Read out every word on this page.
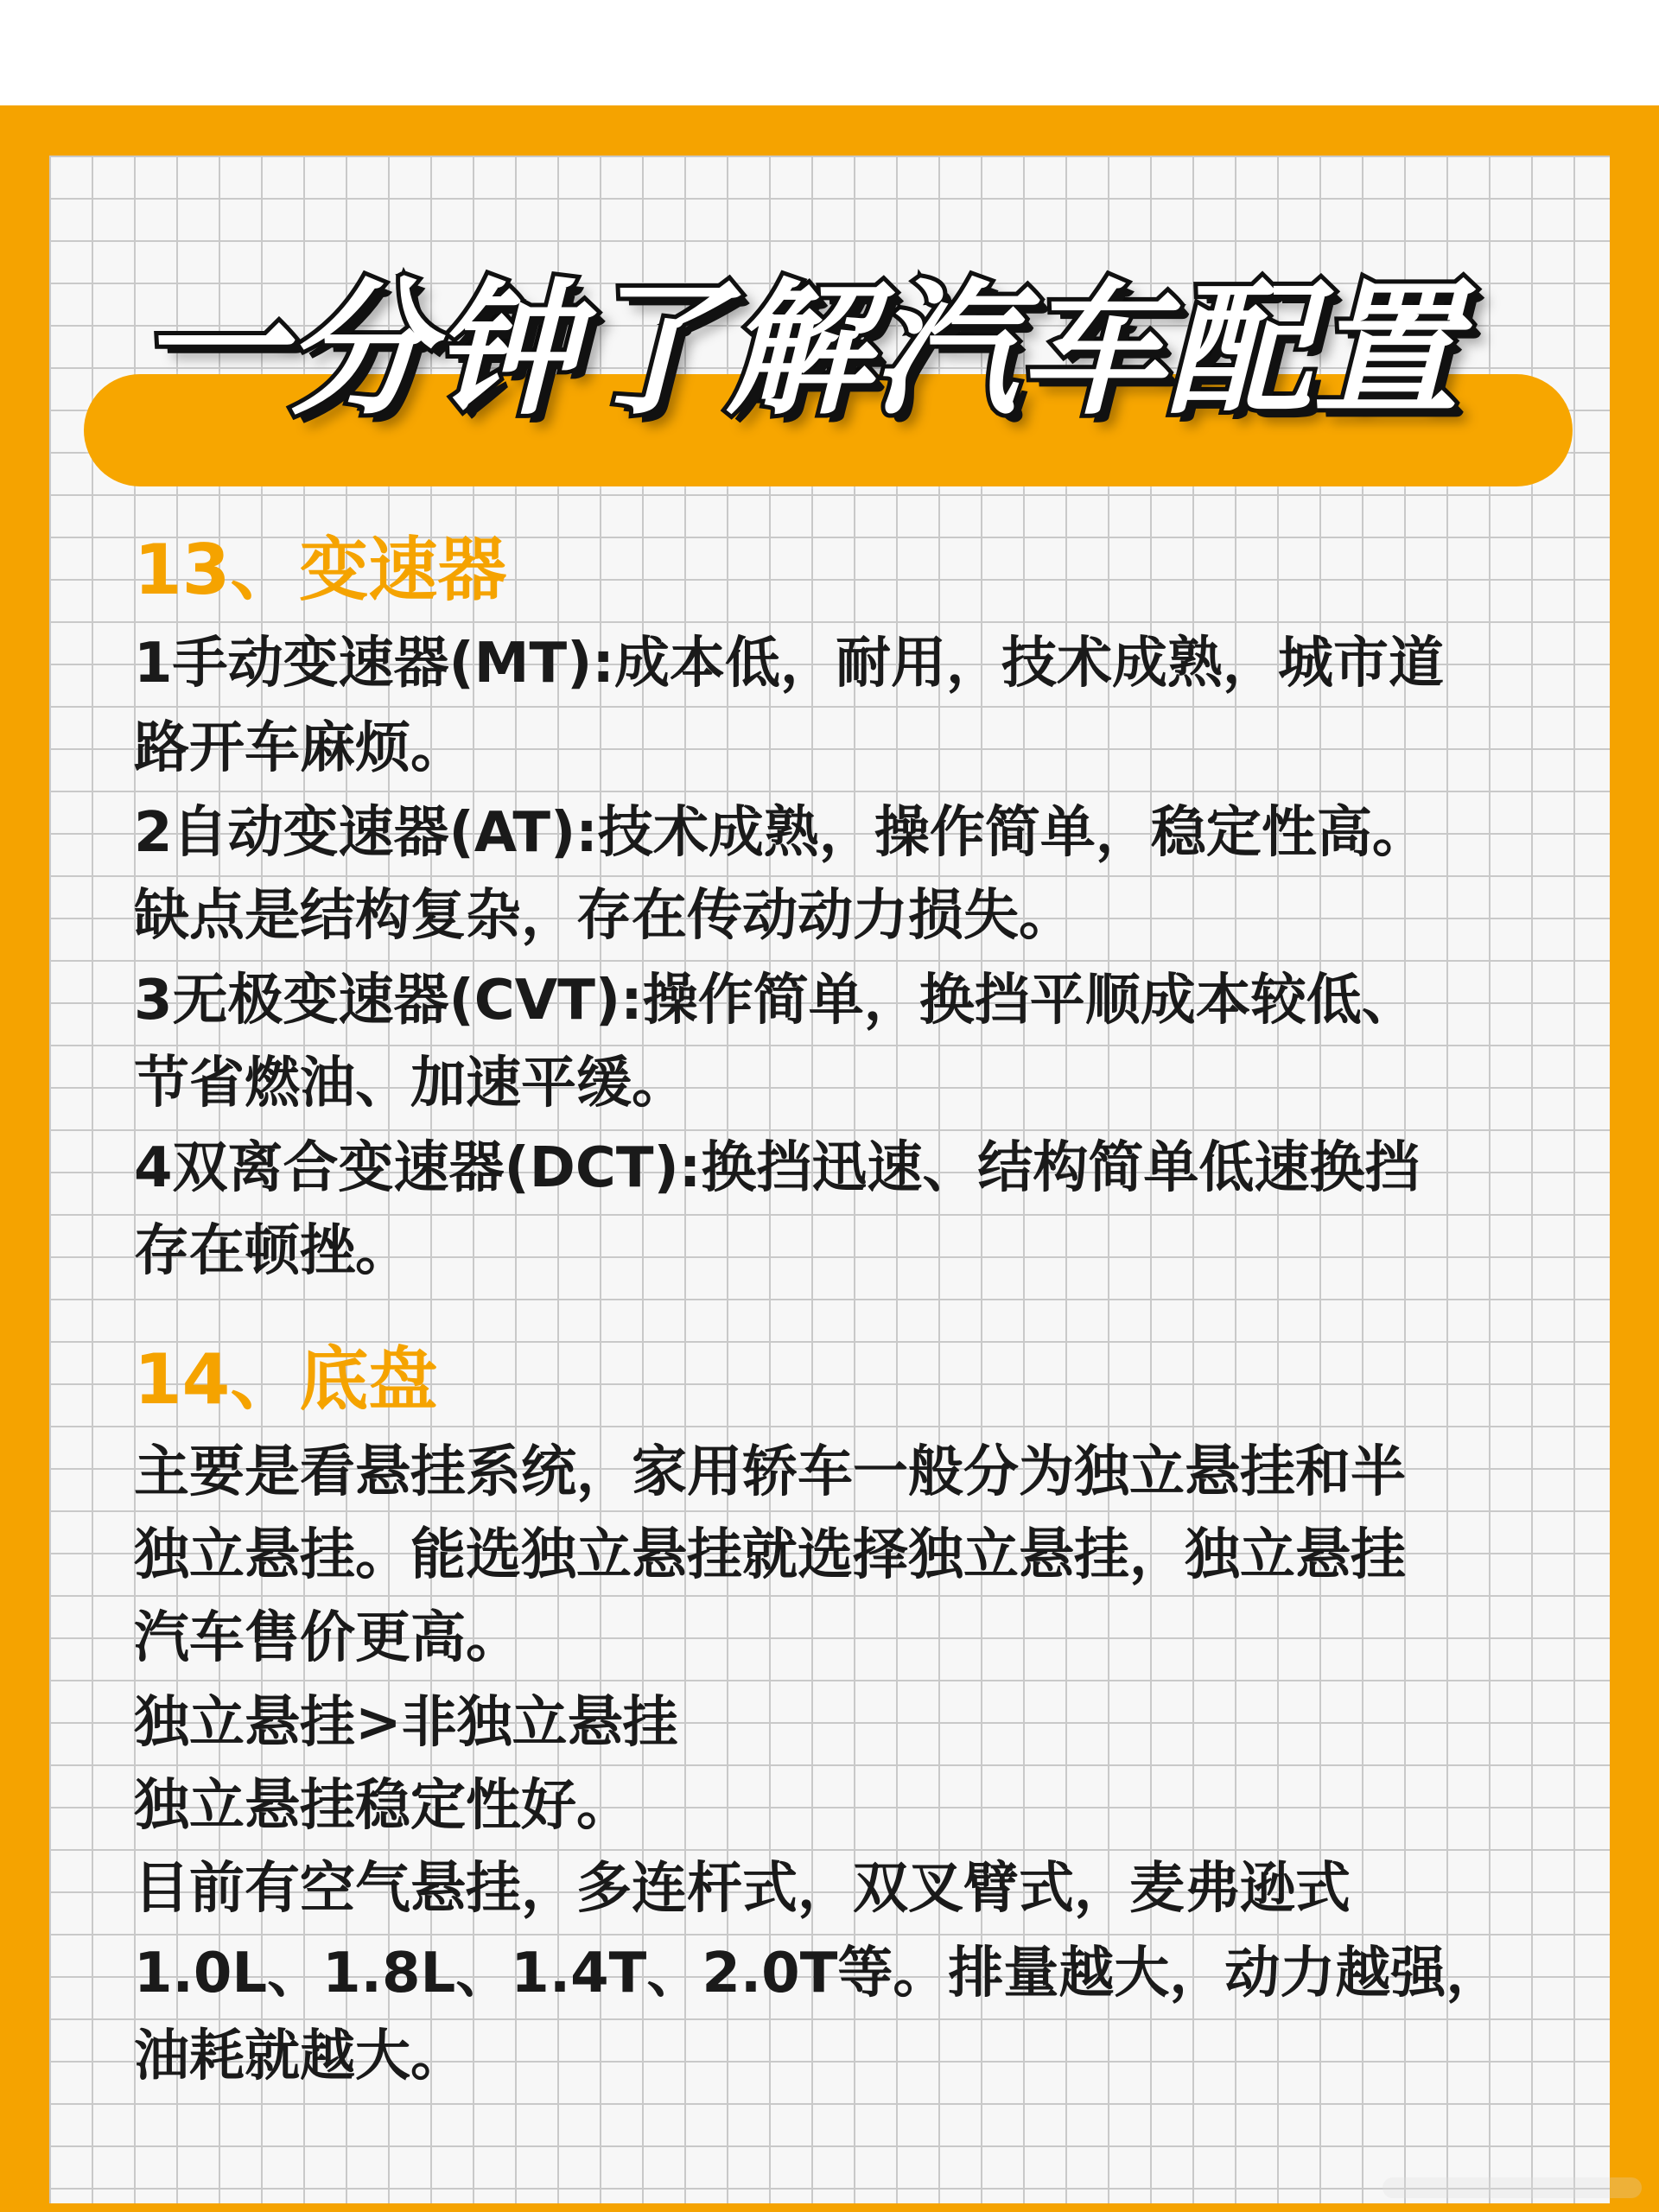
一分钟了解汽车配置
13、变速器
1手动变速器(MT):成本低，耐用，技术成熟，城市道
路开车麻烦。
2自动变速器(AT):技术成熟，操作简单，稳定性高。
缺点是结构复杂，存在传动动力损失。
3无极变速器(CVT):操作简单，换挡平顺成本较低、
节省燃油、加速平缓。
4双离合变速器(DCT):换挡迅速、结构简单低速换挡
存在顿挫。
14、底盘
主要是看悬挂系统，家用轿车一般分为独立悬挂和半
独立悬挂。能选独立悬挂就选择独立悬挂，独立悬挂
汽车售价更高。
独立悬挂>非独立悬挂
独立悬挂稳定性好。
目前有空气悬挂，多连杆式，双叉臂式，麦弗逊式
1.0L、1.8L、1.4T、2.0T等。排量越大，动力越强，
油耗就越大。
